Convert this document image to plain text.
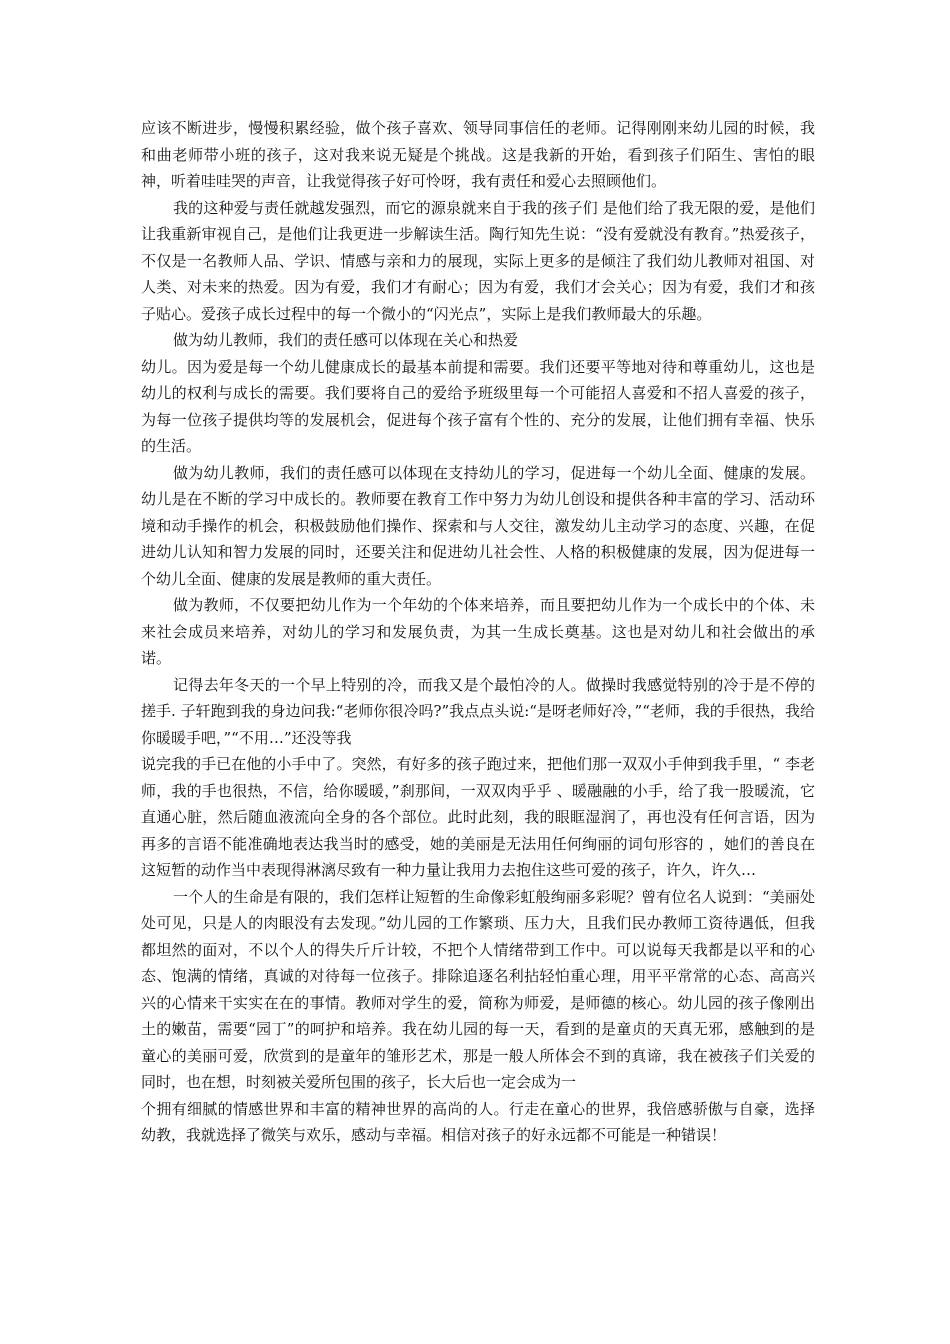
应该不断进步，慢慢积累经验，做个孩子喜欢、领导同事信任的老师。记得刚刚来幼儿园的时候，我和曲老师带小班的孩子，这对我来说无疑是个挑战。这是我新的开始，看到孩子们陌生、害怕的眼神，听着哇哇哭的声音，让我觉得孩子好可怜呀，我有责任和爱心去照顾他们。

我的这种爱与责任就越发强烈，而它的源泉就来自于我的孩子们 是他们给了我无限的爱，是他们让我重新审视自己，是他们让我更进一步解读生活。陶行知先生说：“没有爱就没有教育。”热爱孩子，不仅是一名教师人品、学识、情感与亲和力的展现，实际上更多的是倾注了我们幼儿教师对祖国、对人类、对未来的热爱。因为有爱，我们才有耐心；因为有爱，我们才会关心；因为有爱，我们才和孩子贴心。爱孩子成长过程中的每一个微小的“闪光点”，实际上是我们教师最大的乐趣。

做为幼儿教师，我们的责任感可以体现在关心和热爱

幼儿。因为爱是每一个幼儿健康成长的最基本前提和需要。我们还要平等地对待和尊重幼儿，这也是幼儿的权利与成长的需要。我们要将自己的爱给予班级里每一个可能招人喜爱和不招人喜爱的孩子，为每一位孩子提供均等的发展机会，促进每个孩子富有个性的、充分的发展，让他们拥有幸福、快乐的生活。

做为幼儿教师，我们的责任感可以体现在支持幼儿的学习，促进每一个幼儿全面、健康的发展。幼儿是在不断的学习中成长的。教师要在教育工作中努力为幼儿创设和提供各种丰富的学习、活动环境和动手操作的机会，积极鼓励他们操作、探索和与人交往，激发幼儿主动学习的态度、兴趣，在促进幼儿认知和智力发展的同时，还要关注和促进幼儿社会性、人格的积极健康的发展，因为促进每一个幼儿全面、健康的发展是教师的重大责任。

做为教师，不仅要把幼儿作为一个年幼的个体来培养，而且要把幼儿作为一个成长中的个体、未来社会成员来培养，对幼儿的学习和发展负责，为其一生成长奠基。这也是对幼儿和社会做出的承诺。

记得去年冬天的一个早上特别的冷，而我又是个最怕冷的人。做操时我感觉特别的冷于是不停的搓手. 子轩跑到我的身边问我:“老师你很冷吗?”我点点头说:“是呀老师好冷，”“老师，我的手很热，我给你暖暖手吧，”“不用…”还没等我

说完我的手已在他的小手中了。突然，有好多的孩子跑过来，把他们那一双双小手伸到我手里，“ 李老师，我的手也很热，不信，给你暖暖，”刹那间，一双双肉乎乎 、暖融融的小手，给了我一股暖流，它直通心脏，然后随血液流向全身的各个部位。此时此刻，我的眼眶湿润了，再也没有任何言语，因为再多的言语不能准确地表达我当时的感受，她的美丽是无法用任何绚丽的词句形容的 ，她们的善良在这短暂的动作当中表现得淋漓尽致有一种力量让我用力去抱住这些可爱的孩子，许久，许久…

一个人的生命是有限的，我们怎样让短暂的生命像彩虹般绚丽多彩呢？曾有位名人说到：“美丽处处可见，只是人的肉眼没有去发现。”幼儿园的工作繁琐、压力大，且我们民办教师工资待遇低，但我都坦然的面对，不以个人的得失斤斤计较，不把个人情绪带到工作中。可以说每天我都是以平和的心态、饱满的情绪，真诚的对待每一位孩子。排除追逐名利拈轻怕重心理，用平平常常的心态、高高兴兴的心情来干实实在在的事情。教师对学生的爱，简称为师爱，是师德的核心。幼儿园的孩子像刚出土的嫩苗，需要“园丁”的呵护和培养。我在幼儿园的每一天，看到的是童贞的天真无邪，感触到的是童心的美丽可爱，欣赏到的是童年的雏形艺术，那是一般人所体会不到的真谛，我在被孩子们关爱的同时，也在想，时刻被关爱所包围的孩子，长大后也一定会成为一

个拥有细腻的情感世界和丰富的精神世界的高尚的人。行走在童心的世界，我倍感骄傲与自豪，选择幼教，我就选择了微笑与欢乐，感动与幸福。相信对孩子的好永远都不可能是一种错误！
